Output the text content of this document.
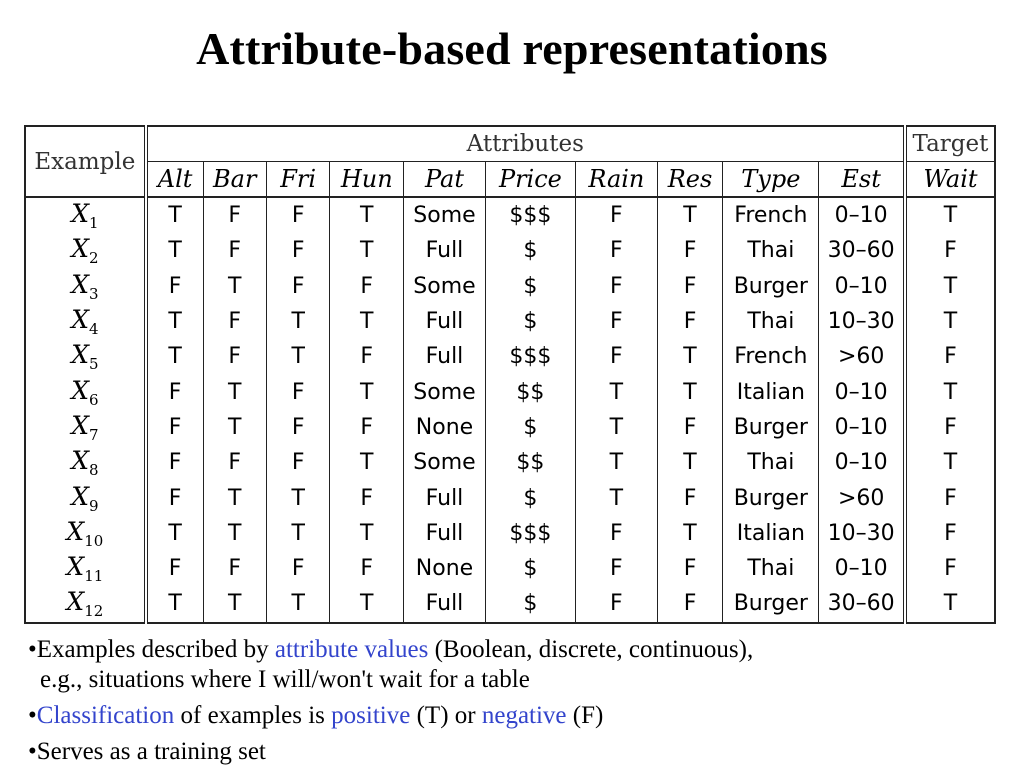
Attribute-based representations
Example	Attributes										Target
	Alt	Bar	Fri	Hun	Pat	Price	Rain	Res	Type	Est	Wait
$X_1$	T	F	F	T	Some	$$$	F	T	French	0–10	T
$X_2$	T	F	F	T	Full	$	F	F	Thai	30–60	F
$X_3$	F	T	F	F	Some	$	F	F	Burger	0–10	T
$X_4$	T	F	T	T	Full	$	F	F	Thai	10–30	T
$X_5$	T	F	T	F	Full	$$$	F	T	French	>60	F
$X_6$	F	T	F	T	Some	$$	T	T	Italian	0–10	T
$X_7$	F	T	F	F	None	$	T	F	Burger	0–10	F
$X_8$	F	F	F	T	Some	$$	T	T	Thai	0–10	T
$X_9$	F	T	T	F	Full	$	T	F	Burger	>60	F
$X_{10}$	T	T	T	T	Full	$$$	F	T	Italian	10–30	F
$X_{11}$	F	F	F	F	None	$	F	F	Thai	0–10	F
$X_{12}$	T	T	T	T	Full	$	F	F	Burger	30–60	T

•Examples described by attribute values (Boolean, discrete, continuous),
e.g., situations where I will/won't wait for a table

•Classification of examples is positive (T) or negative (F)

•Serves as a training set
